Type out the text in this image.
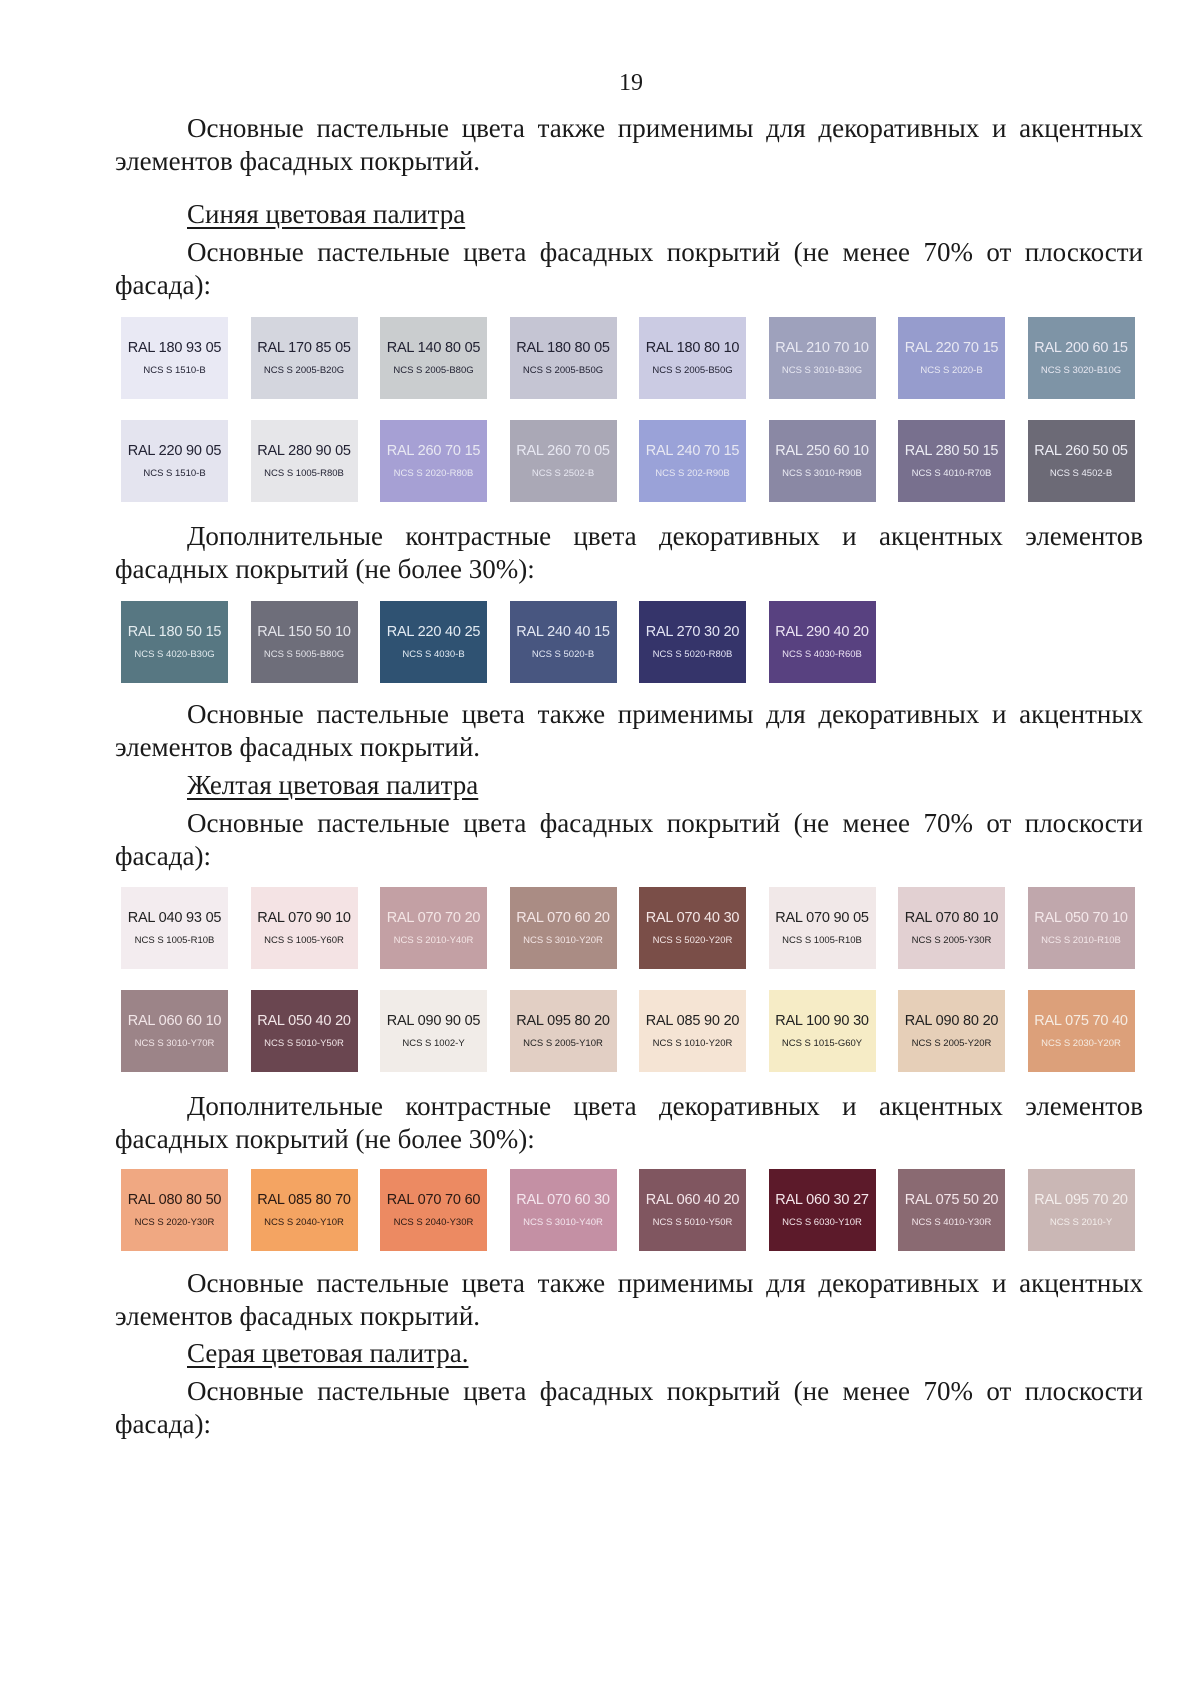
19

Основные пастельные цвета также применимы для декоративных и акцентных элементов фасадных покрытий.

Синяя цветовая палитра

Основные пастельные цвета фасадных покрытий (не менее 70% от плоскости фасада):

RAL 180 93 05
NCS S 1510-B
RAL 170 85 05
NCS S 2005-B20G
RAL 140 80 05
NCS S 2005-B80G
RAL 180 80 05
NCS S 2005-B50G
RAL 180 80 10
NCS S 2005-B50G
RAL 210 70 10
NCS S 3010-B30G
RAL 220 70 15
NCS S 2020-B
RAL 200 60 15
NCS S 3020-B10G
RAL 220 90 05
NCS S 1510-B
RAL 280 90 05
NCS S 1005-R80B
RAL 260 70 15
NCS S 2020-R80B
RAL 260 70 05
NCS S 2502-B
RAL 240 70 15
NCS S 202-R90B
RAL 250 60 10
NCS S 3010-R90B
RAL 280 50 15
NCS S 4010-R70B
RAL 260 50 05
NCS S 4502-B

Дополнительные контрастные цвета декоративных и акцентных элементов фасадных покрытий (не более 30%):

RAL 180 50 15
NCS S 4020-B30G
RAL 150 50 10
NCS S 5005-B80G
RAL 220 40 25
NCS S 4030-B
RAL 240 40 15
NCS S 5020-B
RAL 270 30 20
NCS S 5020-R80B
RAL 290 40 20
NCS S 4030-R60B

Основные пастельные цвета также применимы для декоративных и акцентных элементов фасадных покрытий.

Желтая цветовая палитра

Основные пастельные цвета фасадных покрытий (не менее 70% от плоскости фасада):

RAL 040 93 05
NCS S 1005-R10B
RAL 070 90 10
NCS S 1005-Y60R
RAL 070 70 20
NCS S 2010-Y40R
RAL 070 60 20
NCS S 3010-Y20R
RAL 070 40 30
NCS S 5020-Y20R
RAL 070 90 05
NCS S 1005-R10B
RAL 070 80 10
NCS S 2005-Y30R
RAL 050 70 10
NCS S 2010-R10B
RAL 060 60 10
NCS S 3010-Y70R
RAL 050 40 20
NCS S 5010-Y50R
RAL 090 90 05
NCS S 1002-Y
RAL 095 80 20
NCS S 2005-Y10R
RAL 085 90 20
NCS S 1010-Y20R
RAL 100 90 30
NCS S 1015-G60Y
RAL 090 80 20
NCS S 2005-Y20R
RAL 075 70 40
NCS S 2030-Y20R

Дополнительные контрастные цвета декоративных и акцентных элементов фасадных покрытий (не более 30%):

RAL 080 80 50
NCS S 2020-Y30R
RAL 085 80 70
NCS S 2040-Y10R
RAL 070 70 60
NCS S 2040-Y30R
RAL 070 60 30
NCS S 3010-Y40R
RAL 060 40 20
NCS S 5010-Y50R
RAL 060 30 27
NCS S 6030-Y10R
RAL 075 50 20
NCS S 4010-Y30R
RAL 095 70 20
NCS S 2010-Y

Основные пастельные цвета также применимы для декоративных и акцентных элементов фасадных покрытий.

Серая цветовая палитра.

Основные пастельные цвета фасадных покрытий (не менее 70% от плоскости фасада):
